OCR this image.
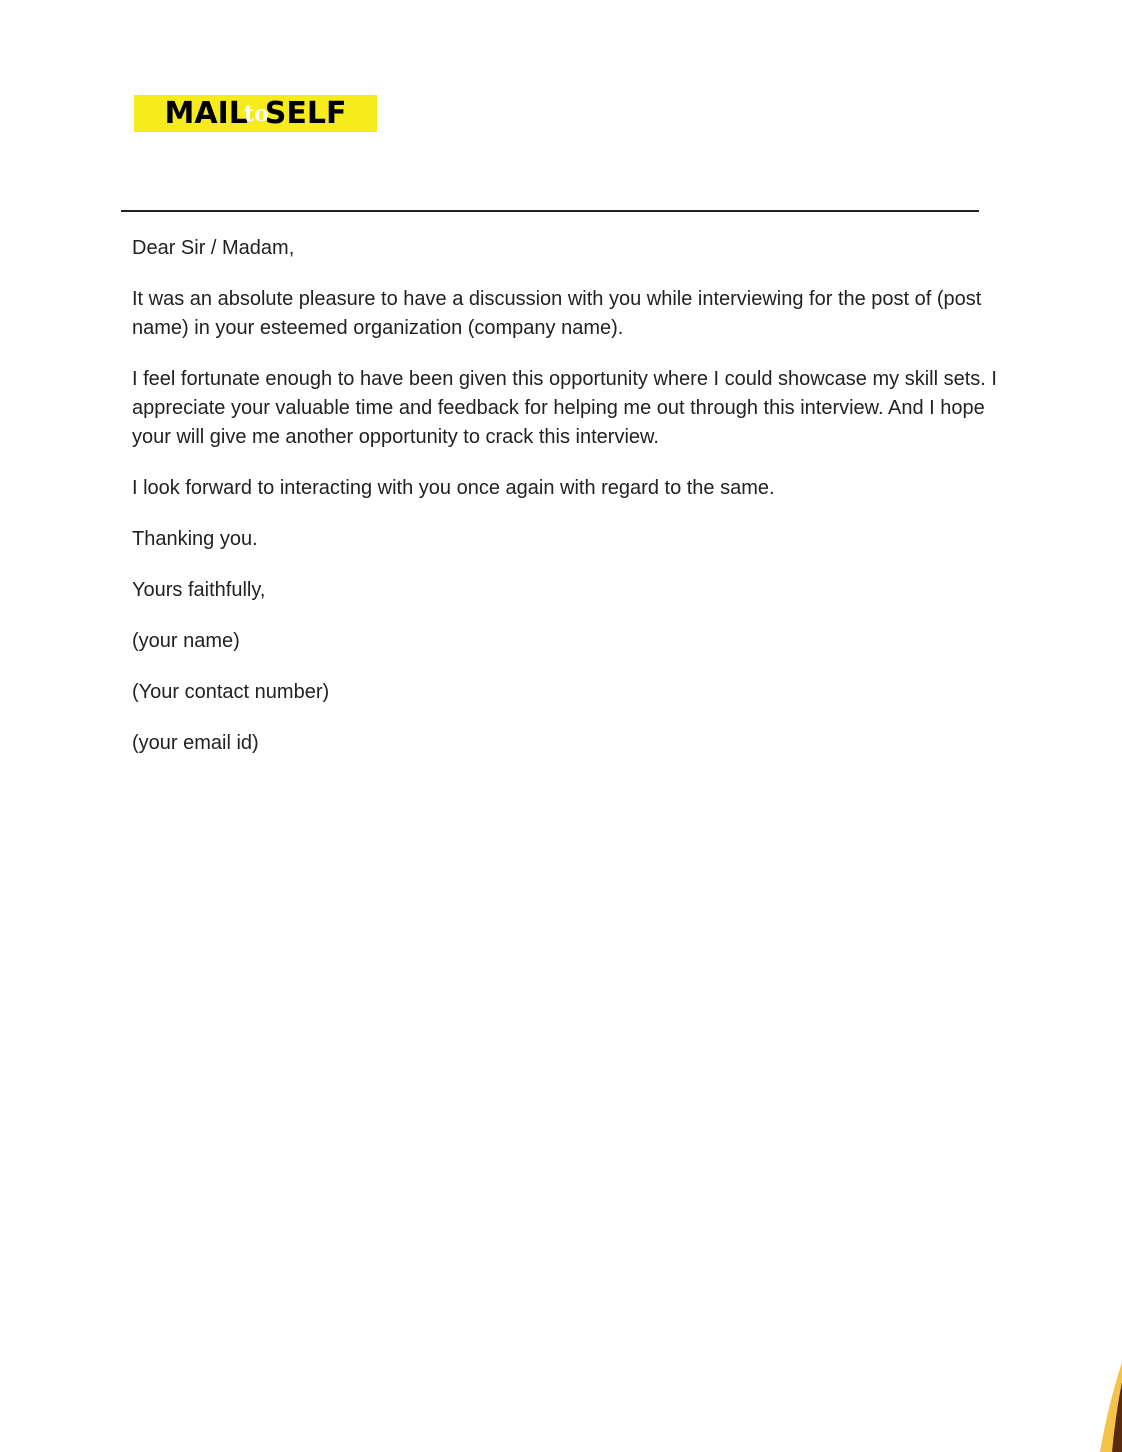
MAIL
to
SELF

Dear Sir / Madam,

It was an absolute pleasure to have a discussion with you while interviewing for the post of (post name) in your esteemed organization (company name).

I feel fortunate enough to have been given this opportunity where I could showcase my skill sets. I appreciate your valuable time and feedback for helping me out through this interview. And I hope your will give me another opportunity to crack this interview.

I look forward to interacting with you once again with regard to the same.

Thanking you.

Yours faithfully,

(your name)

(Your contact number)

(your email id)
